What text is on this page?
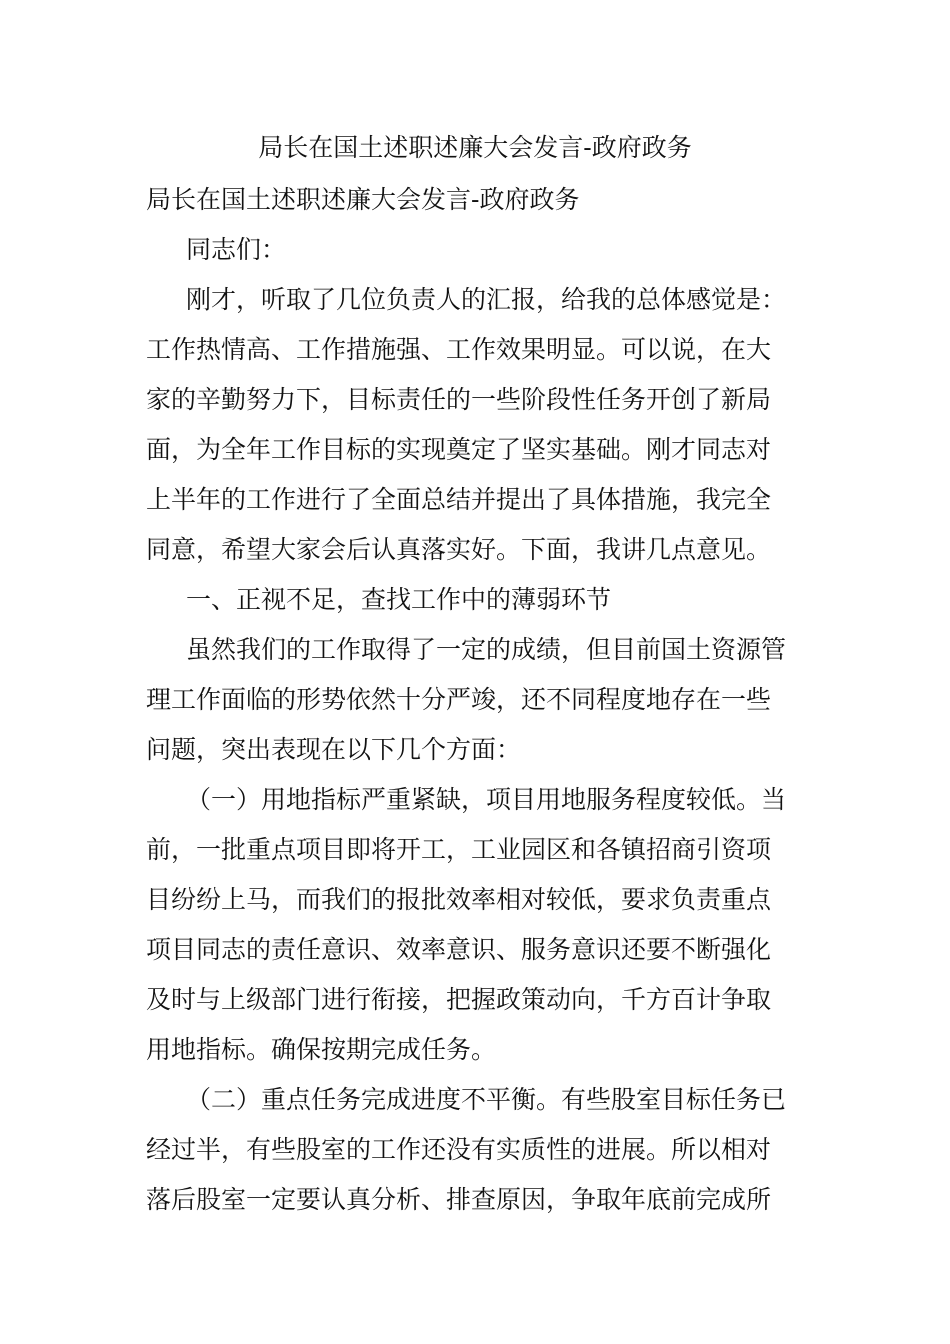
局长在国土述职述廉大会发言-政府政务
局长在国土述职述廉大会发言-政府政务
同志们：
刚才，听取了几位负责人的汇报，给我的总体感觉是：
工作热情高、工作措施强、工作效果明显。可以说，在大
家的辛勤努力下，目标责任的一些阶段性任务开创了新局
面，为全年工作目标的实现奠定了坚实基础。刚才同志对
上半年的工作进行了全面总结并提出了具体措施，我完全
同意，希望大家会后认真落实好。下面，我讲几点意见。
一、正视不足，查找工作中的薄弱环节
虽然我们的工作取得了一定的成绩，但目前国土资源管
理工作面临的形势依然十分严竣，还不同程度地存在一些
问题，突出表现在以下几个方面：
（一）用地指标严重紧缺，项目用地服务程度较低。当
前，一批重点项目即将开工，工业园区和各镇招商引资项
目纷纷上马，而我们的报批效率相对较低，要求负责重点
项目同志的责任意识、效率意识、服务意识还要不断强化
及时与上级部门进行衔接，把握政策动向，千方百计争取
用地指标。确保按期完成任务。
（二）重点任务完成进度不平衡。有些股室目标任务已
经过半，有些股室的工作还没有实质性的进展。所以相对
落后股室一定要认真分析、排查原因，争取年底前完成所
